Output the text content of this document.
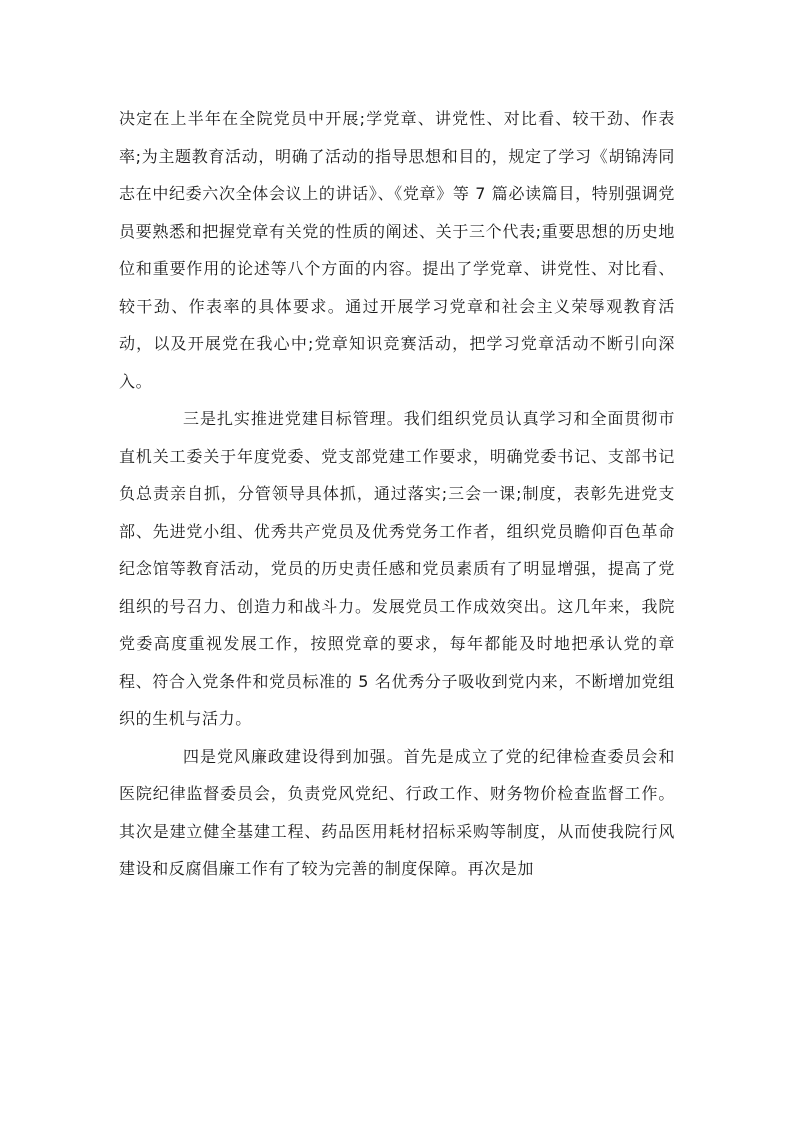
决定在上半年在全院党员中开展;学党章、讲党性、对比看、较干劲、作表率;为主题教育活动，明确了活动的指导思想和目的，规定了学习《胡锦涛同志在中纪委六次全体会议上的讲话》、《党章》等 7 篇必读篇目，特别强调党员要熟悉和把握党章有关党的性质的阐述、关于三个代表;重要思想的历史地位和重要作用的论述等八个方面的内容。提出了学党章、讲党性、对比看、较干劲、作表率的具体要求。通过开展学习党章和社会主义荣辱观教育活动，以及开展党在我心中;党章知识竞赛活动，把学习党章活动不断引向深入。

三是扎实推进党建目标管理。我们组织党员认真学习和全面贯彻市直机关工委关于年度党委、党支部党建工作要求，明确党委书记、支部书记负总责亲自抓，分管领导具体抓，通过落实;三会一课;制度，表彰先进党支部、先进党小组、优秀共产党员及优秀党务工作者，组织党员瞻仰百色革命纪念馆等教育活动，党员的历史责任感和党员素质有了明显增强，提高了党组织的号召力、创造力和战斗力。发展党员工作成效突出。这几年来，我院党委高度重视发展工作，按照党章的要求，每年都能及时地把承认党的章程、符合入党条件和党员标准的 5 名优秀分子吸收到党内来，不断增加党组织的生机与活力。

四是党风廉政建设得到加强。首先是成立了党的纪律检查委员会和医院纪律监督委员会，负责党风党纪、行政工作、财务物价检查监督工作。其次是建立健全基建工程、药品医用耗材招标采购等制度，从而使我院行风建设和反腐倡廉工作有了较为完善的制度保障。再次是加
